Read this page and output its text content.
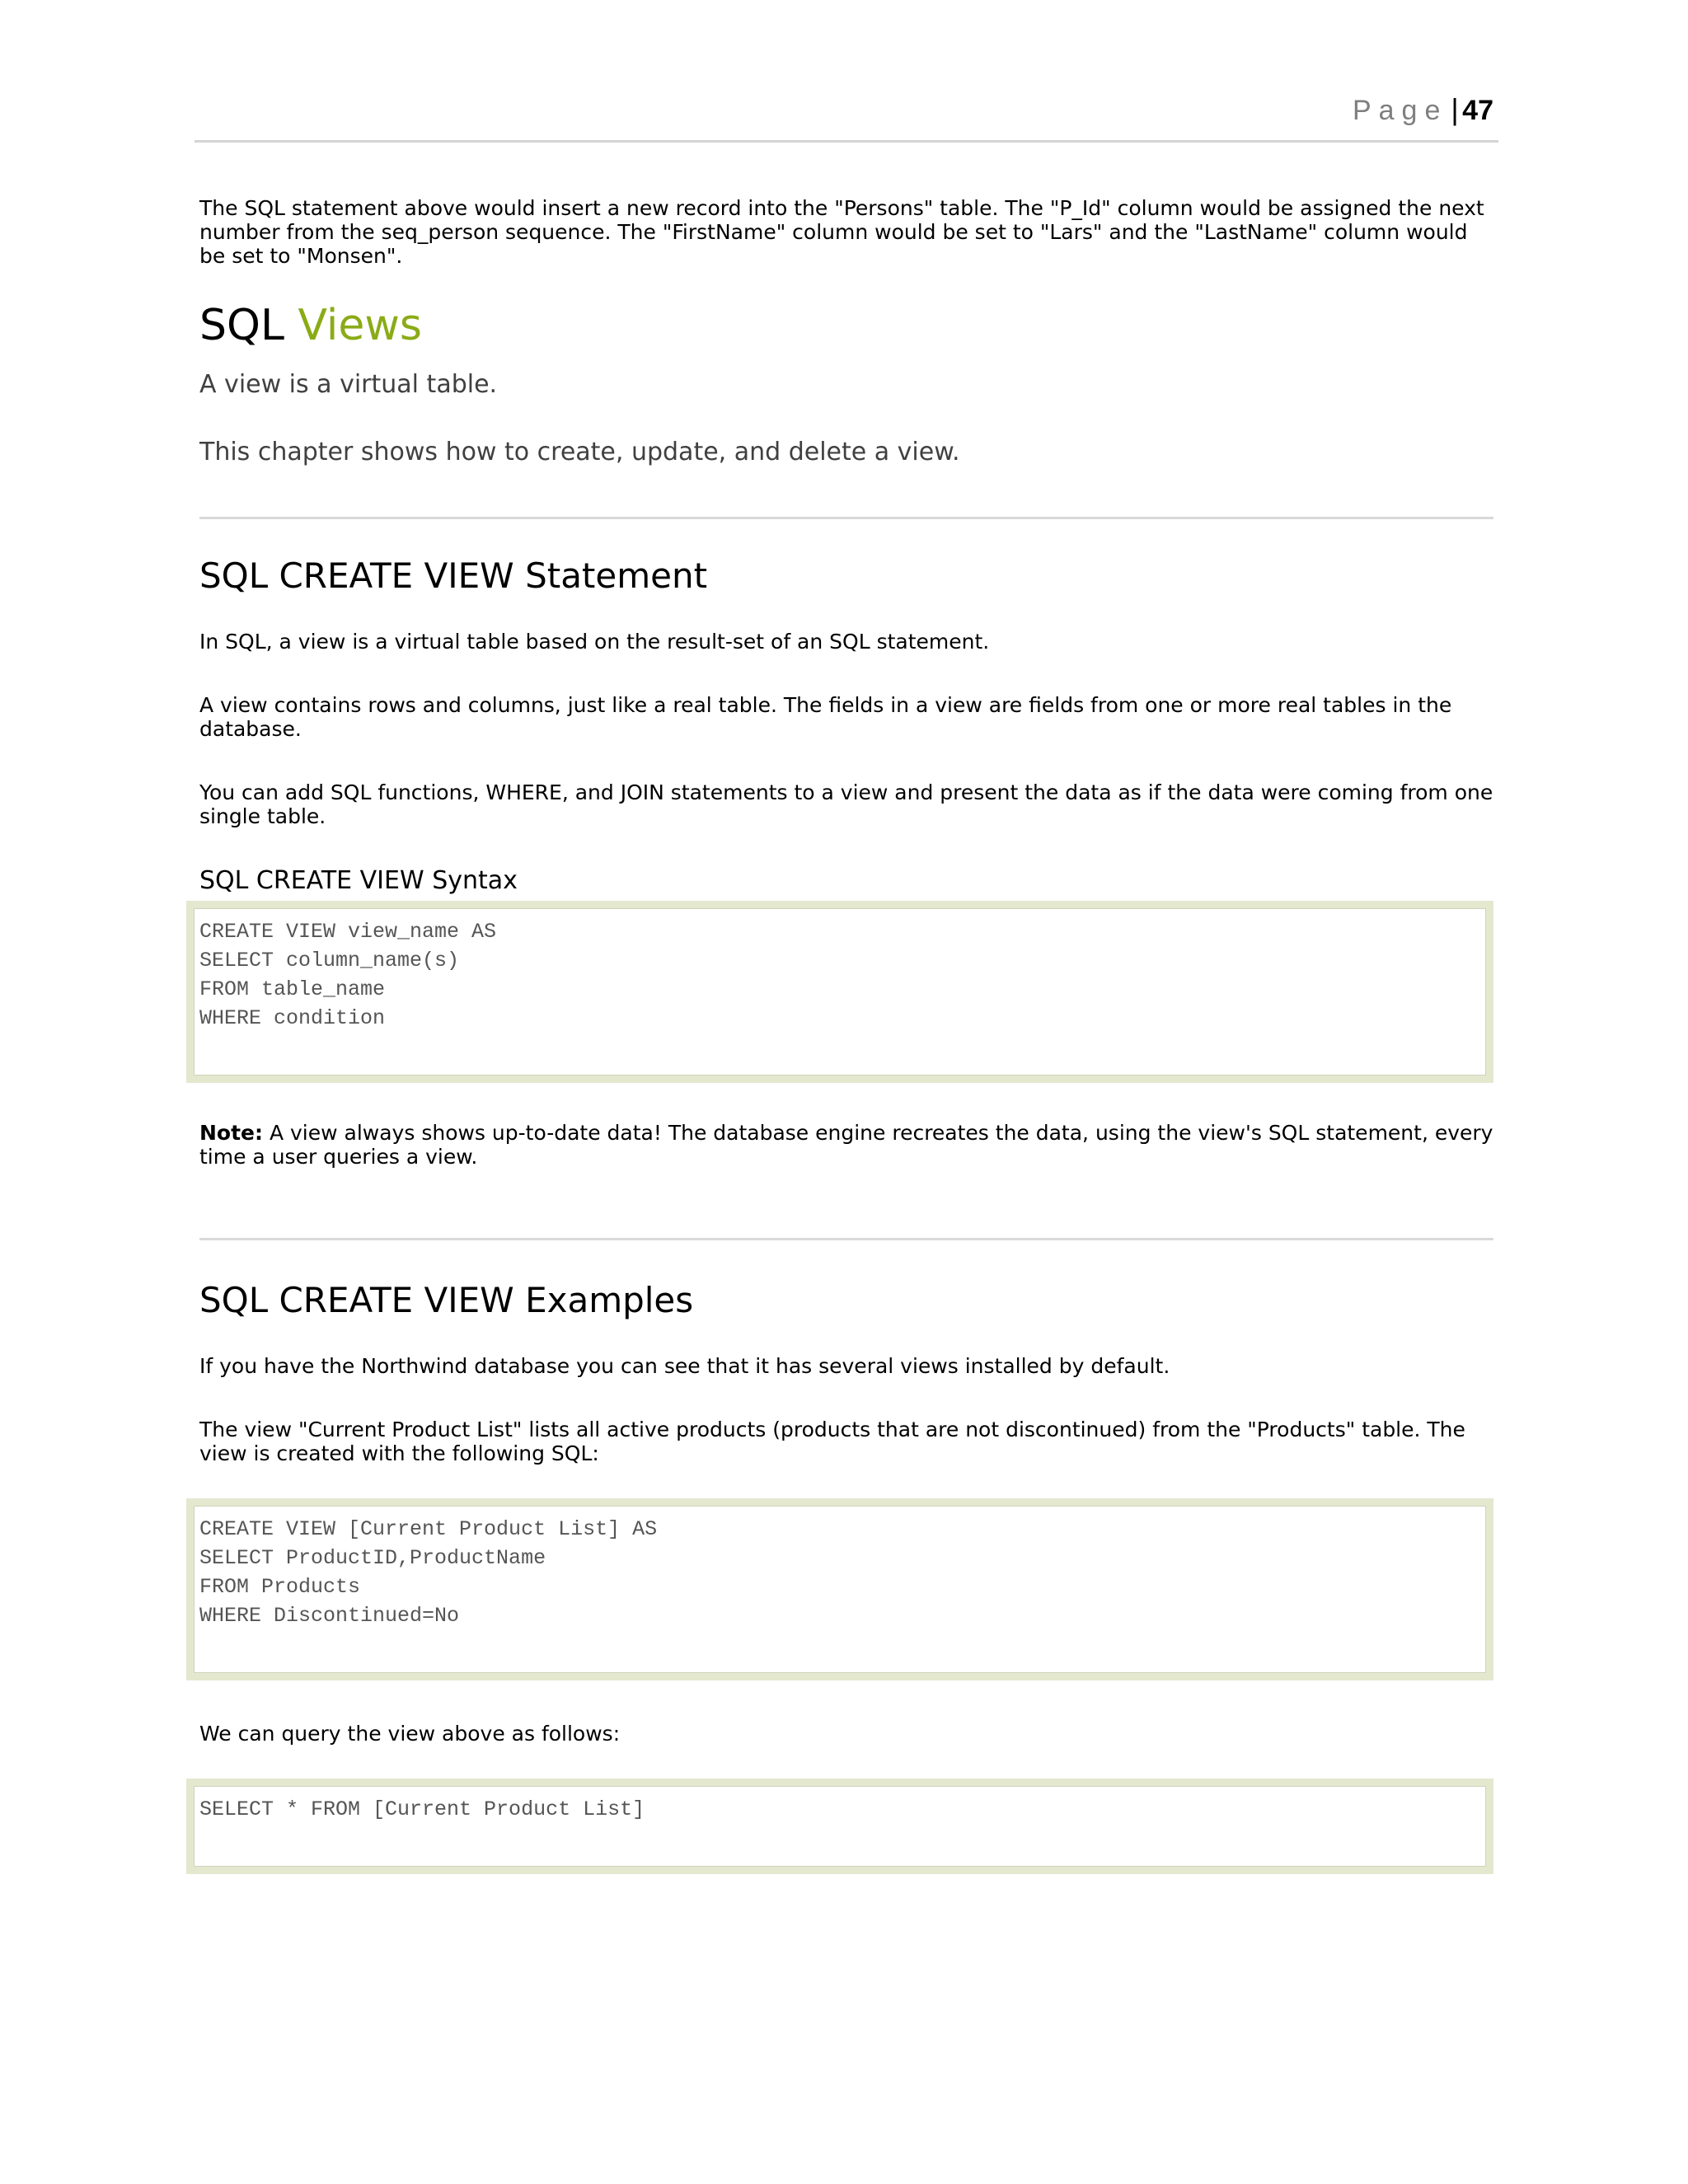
Page | 47

The SQL statement above would insert a new record into the "Persons" table. The "P_Id" column would be assigned the next number from the seq_person sequence. The "FirstName" column would be set to "Lars" and the "LastName" column would be set to "Monsen".

SQL Views

A view is a virtual table.

This chapter shows how to create, update, and delete a view.

SQL CREATE VIEW Statement

In SQL, a view is a virtual table based on the result-set of an SQL statement.

A view contains rows and columns, just like a real table. The fields in a view are fields from one or more real tables in the database.

You can add SQL functions, WHERE, and JOIN statements to a view and present the data as if the data were coming from one single table.

SQL CREATE VIEW Syntax
CREATE VIEW view_name AS
SELECT column_name(s)
FROM table_name
WHERE condition

Note: A view always shows up-to-date data! The database engine recreates the data, using the view's SQL statement, every time a user queries a view.

SQL CREATE VIEW Examples

If you have the Northwind database you can see that it has several views installed by default.

The view "Current Product List" lists all active products (products that are not discontinued) from the "Products" table. The view is created with the following SQL:

CREATE VIEW [Current Product List] AS
SELECT ProductID,ProductName
FROM Products
WHERE Discontinued=No

We can query the view above as follows:

SELECT * FROM [Current Product List]
